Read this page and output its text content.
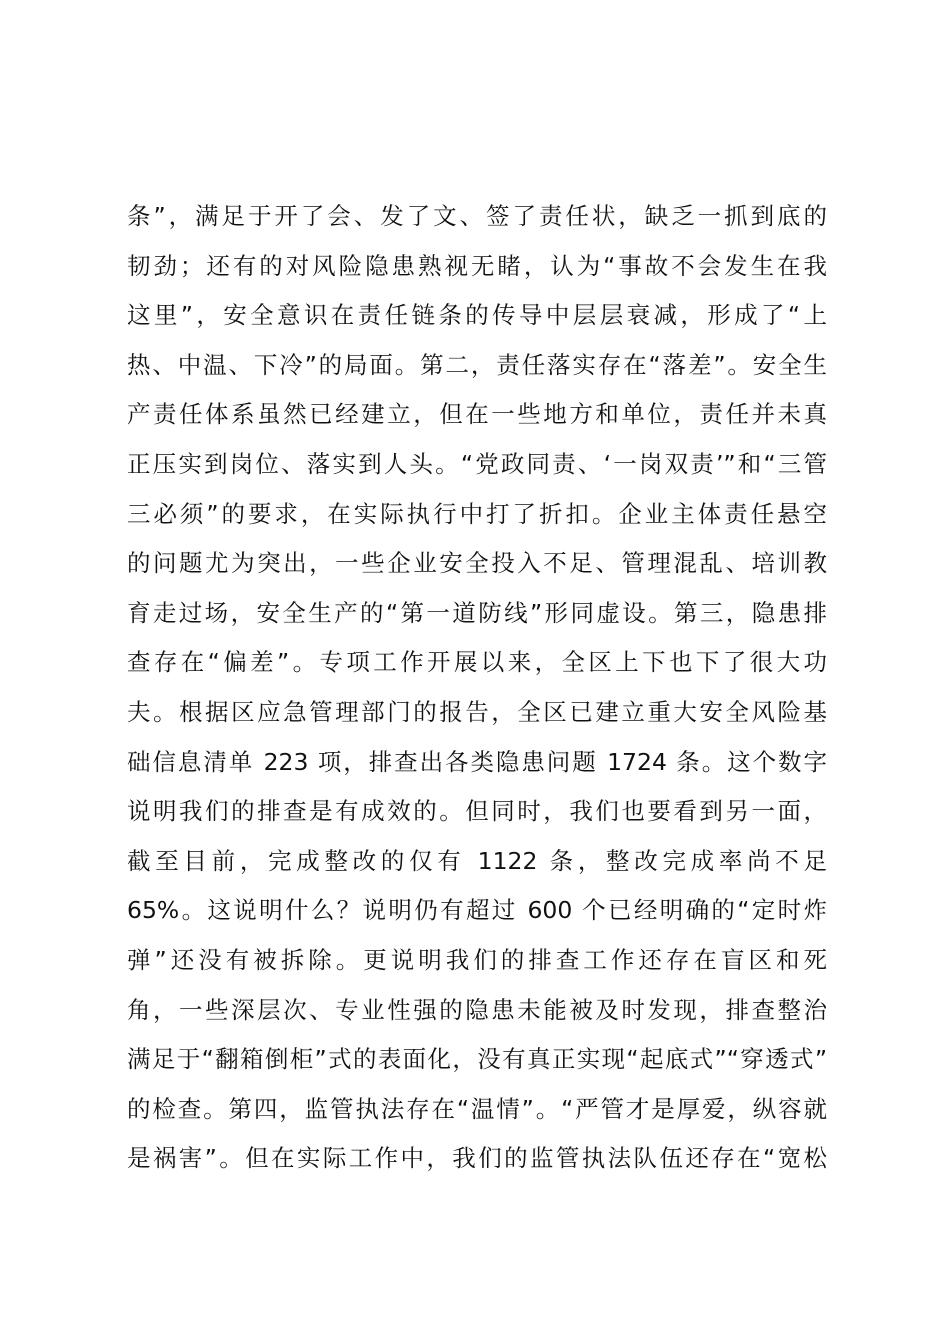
条”，满足于开了会、发了文、签了责任状，缺乏一抓到底的
韧劲；还有的对风险隐患熟视无睹，认为“事故不会发生在我
这里”，安全意识在责任链条的传导中层层衰减，形成了“上
热、中温、下冷”的局面。第二，责任落实存在“落差”。安全生
产责任体系虽然已经建立，但在一些地方和单位，责任并未真
正压实到岗位、落实到人头。“党政同责、‘一岗双责’”和“三管
三必须”的要求，在实际执行中打了折扣。企业主体责任悬空
的问题尤为突出，一些企业安全投入不足、管理混乱、培训教
育走过场，安全生产的“第一道防线”形同虚设。第三，隐患排
查存在“偏差”。专项工作开展以来，全区上下也下了很大功
夫。根据区应急管理部门的报告，全区已建立重大安全风险基
础信息清单 223 项，排查出各类隐患问题 1724 条。这个数字
说明我们的排查是有成效的。但同时，我们也要看到另一面，
截至目前，完成整改的仅有 1122 条，整改完成率尚不足
65%。这说明什么？说明仍有超过 600 个已经明确的“定时炸
弹”还没有被拆除。更说明我们的排查工作还存在盲区和死
角，一些深层次、专业性强的隐患未能被及时发现，排查整治
满足于“翻箱倒柜”式的表面化，没有真正实现“起底式”“穿透式”
的检查。第四，监管执法存在“温情”。“严管才是厚爱，纵容就
是祸害”。但在实际工作中，我们的监管执法队伍还存在“宽松
